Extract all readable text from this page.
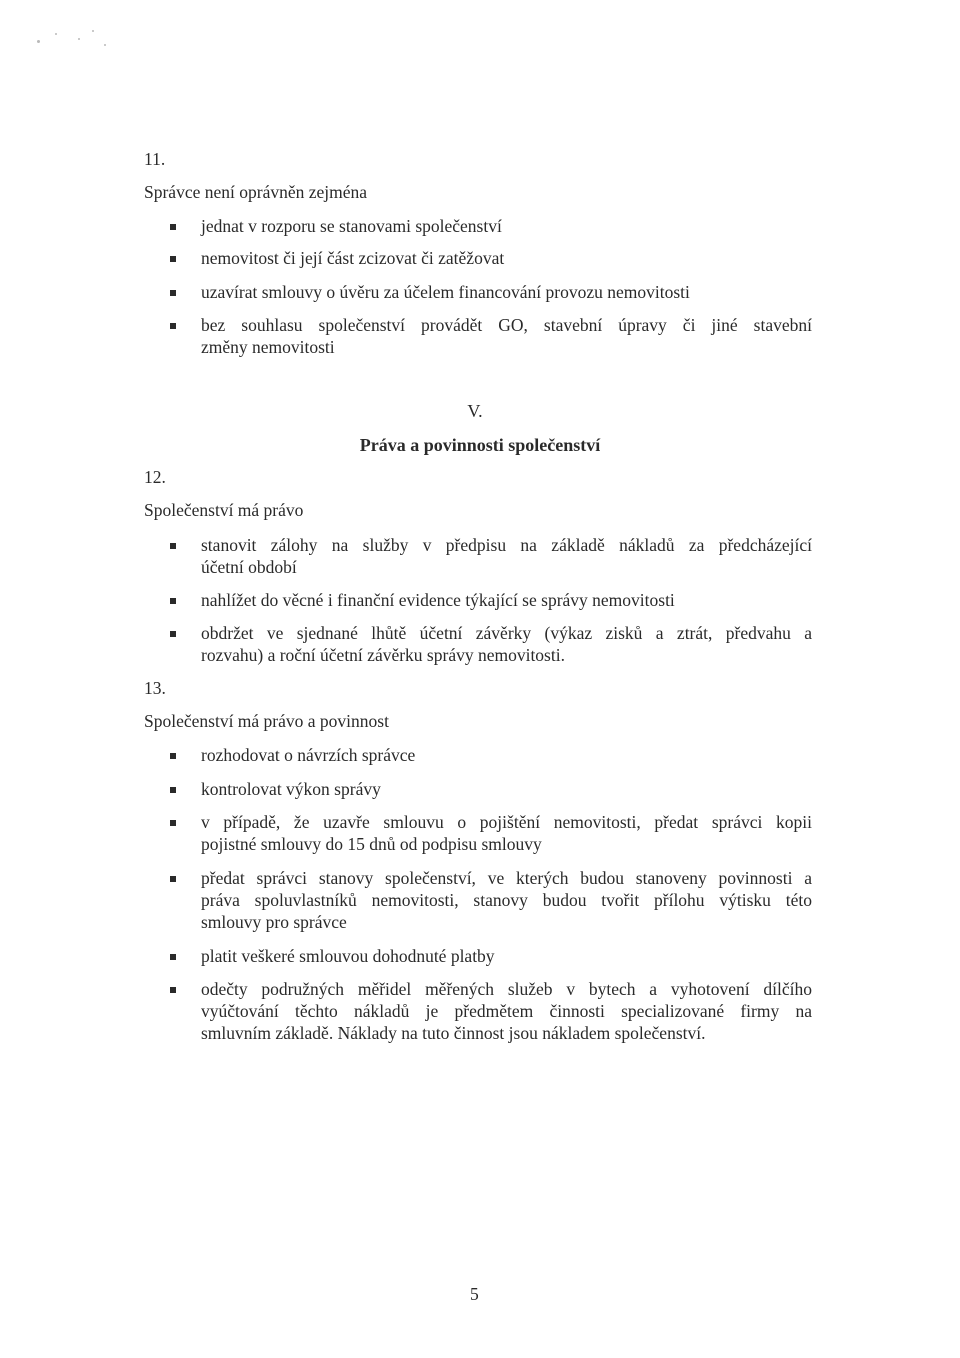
11.
Správce není oprávněn zejména
jednat v rozporu se stanovami společenství
nemovitost či její část zcizovat či zatěžovat
uzavírat smlouvy o úvěru za účelem financování provozu nemovitosti
bez souhlasu společenství provádět GO, stavební úpravy či jiné stavební
změny nemovitosti
V.
Práva a povinnosti společenství
12.
Společenství má právo
stanovit zálohy na služby v předpisu na základě nákladů za předcházející
účetní období
nahlížet do věcné i finanční evidence týkající se správy nemovitosti
obdržet ve sjednané lhůtě účetní závěrky (výkaz zisků a ztrát, předvahu a
rozvahu) a roční účetní závěrku správy nemovitosti.
13.
Společenství má právo a povinnost
rozhodovat o návrzích správce
kontrolovat výkon správy
v případě, že uzavře smlouvu o pojištění nemovitosti, předat správci kopii
pojistné smlouvy do 15 dnů od podpisu smlouvy
předat správci stanovy společenství, ve kterých budou stanoveny povinnosti a
práva spoluvlastníků nemovitosti, stanovy budou tvořit přílohu výtisku této
smlouvy pro správce
platit veškeré smlouvou dohodnuté platby
odečty podružných měřidel měřených služeb v bytech a vyhotovení dílčího
vyúčtování těchto nákladů je předmětem činnosti specializované firmy na
smluvním základě. Náklady na tuto činnost jsou nákladem společenství.
5
